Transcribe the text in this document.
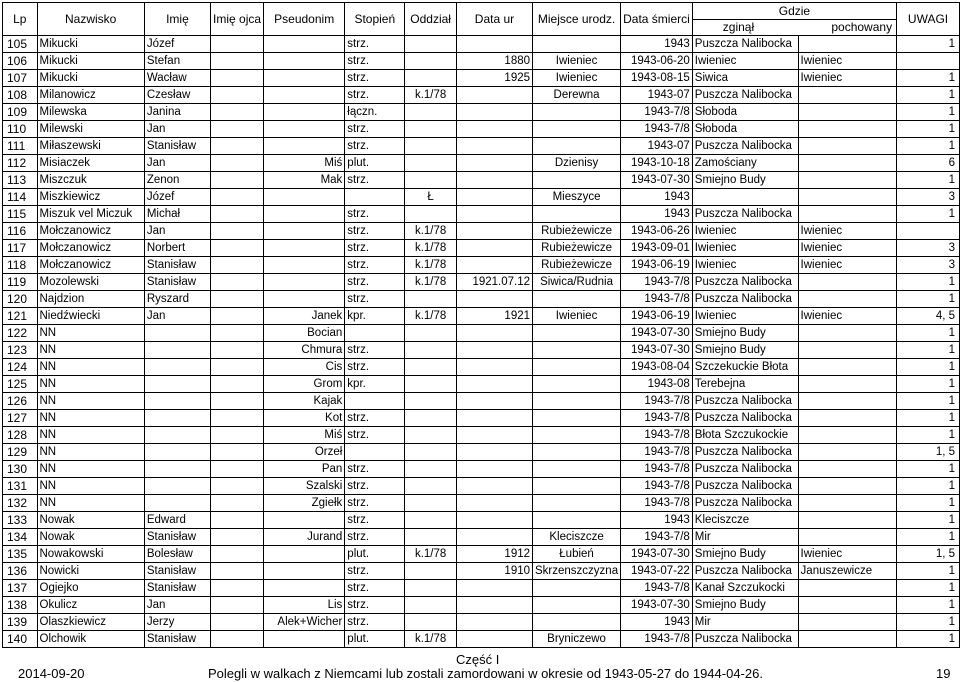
Lp	Nazwisko	Imię	Imię ojca	Pseudonim	Stopień	Oddział	Data ur	Miejsce urodz.	Data śmierci	Gdzie
zginął pochowany		UWAGI
105	Mikucki	Józef			strz.				1943	Puszcza Nalibocka		1
106	Mikucki	Stefan			strz.		1880	Iwieniec	1943-06-20	Iwieniec	Iwieniec	
107	Mikucki	Wacław			strz.		1925	Iwieniec	1943-08-15	Siwica	Iwieniec	1
108	Milanowicz	Czesław			strz.	k.1/78		Derewna	1943-07	Puszcza Nalibocka		1
109	Milewska	Janina			łączn.				1943-7/8	Słoboda		1
110	Milewski	Jan			strz.				1943-7/8	Słoboda		1
111	Miłaszewski	Stanisław			strz.				1943-07	Puszcza Nalibocka		1
112	Misiaczek	Jan		Miś	plut.			Dzienisy	1943-10-18	Zamościany		6
113	Miszczuk	Zenon		Mak	strz.				1943-07-30	Smiejno Budy		1
114	Miszkiewicz	Józef				Ł		Mieszyce	1943			3
115	Miszuk vel Miczuk	Michał			strz.				1943	Puszcza Nalibocka		1
116	Mołczanowicz	Jan			strz.	k.1/78		Rubieżewicze	1943-06-26	Iwieniec	Iwieniec	
117	Mołczanowicz	Norbert			strz.	k.1/78		Rubieżewicze	1943-09-01	Iwieniec	Iwieniec	3
118	Mołczanowicz	Stanisław			strz.	k.1/78		Rubieżewicze	1943-06-19	Iwieniec	Iwieniec	3
119	Mozolewski	Stanisław			strz.	k.1/78	1921.07.12	Siwica/Rudnia	1943-7/8	Puszcza Nalibocka		1
120	Najdzion	Ryszard			strz.				1943-7/8	Puszcza Nalibocka		1
121	Niedźwiecki	Jan		Janek	kpr.	k.1/78	1921	Iwieniec	1943-06-19	Iwieniec	Iwieniec	4, 5
122	NN			Bocian					1943-07-30	Smiejno Budy		1
123	NN			Chmura	strz.				1943-07-30	Smiejno Budy		1
124	NN			Cis	strz.				1943-08-04	Szczekuckie Błota		1
125	NN			Grom	kpr.				1943-08	Terebejna		1
126	NN			Kajak					1943-7/8	Puszcza Nalibocka		1
127	NN			Kot	strz.				1943-7/8	Puszcza Nalibocka		1
128	NN			Miś	strz.				1943-7/8	Błota Szczukockie		1
129	NN			Orzeł					1943-7/8	Puszcza Nalibocka		1, 5
130	NN			Pan	strz.				1943-7/8	Puszcza Nalibocka		1
131	NN			Szalski	strz.				1943-7/8	Puszcza Nalibocka		1
132	NN			Zgiełk	strz.				1943-7/8	Puszcza Nalibocka		1
133	Nowak	Edward			strz.				1943	Kleciszcze		1
134	Nowak	Stanisław		Jurand	strz.			Kleciszcze	1943-7/8	Mir		1
135	Nowakowski	Bolesław			plut.	k.1/78	1912	Łubień	1943-07-30	Smiejno Budy	Iwieniec	1, 5
136	Nowicki	Stanisław			strz.		1910	Skrzenszczyzna	1943-07-22	Puszcza Nalibocka	Januszewicze	1
137	Ogiejko	Stanisław			strz.				1943-7/8	Kanał Szczukocki		1
138	Okulicz	Jan		Lis	strz.				1943-07-30	Smiejno Budy		1
139	Olaszkiewicz	Jerzy		Alek+Wicher	strz.				1943	Mir		1
140	Olchowik	Stanisław			plut.	k.1/78		Bryniczewo	1943-7/8	Puszcza Nalibocka		1
2014-09-20
Część I
Polegli w walkach z Niemcami lub zostali zamordowani w okresie od 1943-05-27 do 1944-04-26.	19
